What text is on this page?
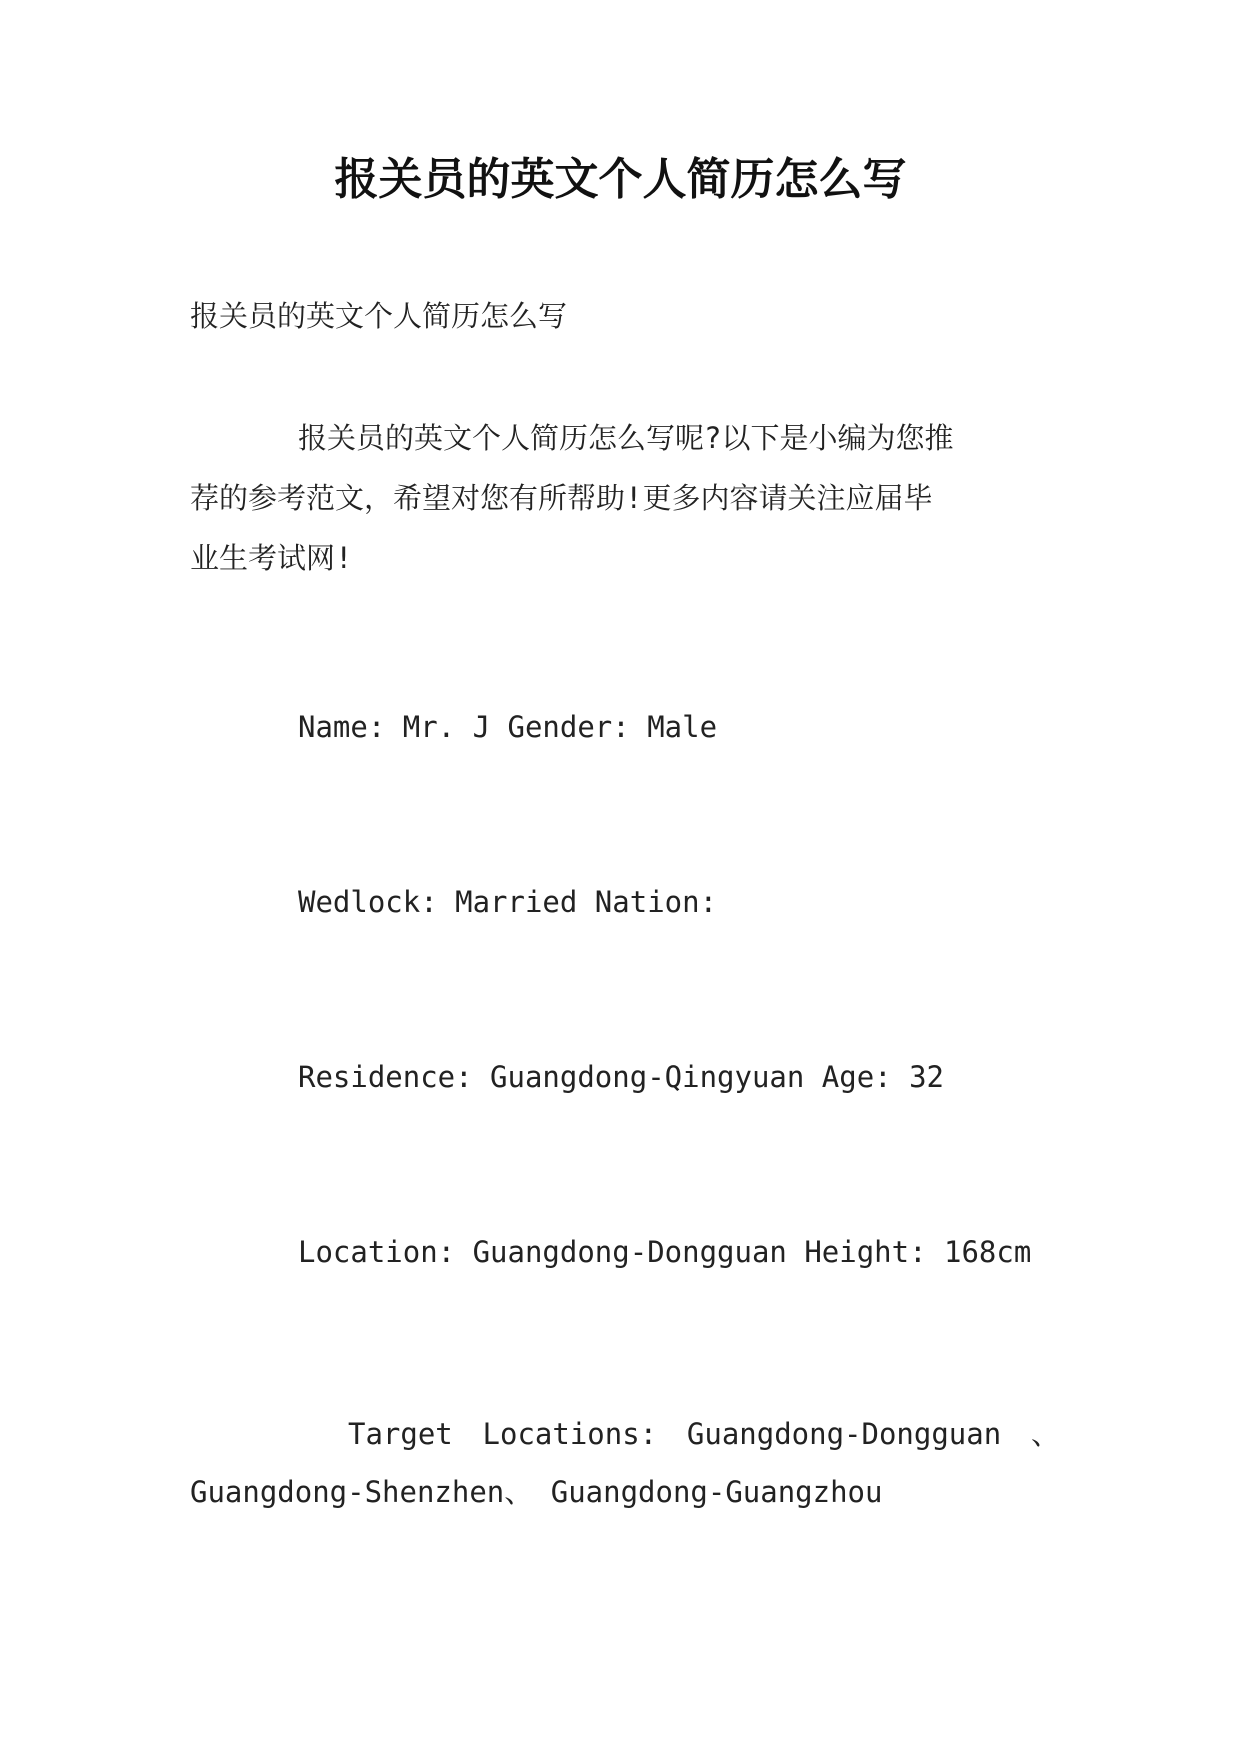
报关员的英文个人简历怎么写
报关员的英文个人简历怎么写
报关员的英文个人简历怎么写呢?以下是小编为您推
荐的参考范文，希望对您有所帮助!更多内容请关注应届毕
业生考试网!
Name: Mr. J Gender: Male
Wedlock: Married Nation:
Residence: Guangdong-Qingyuan Age: 32
Location: Guangdong-Dongguan Height: 168cm
Target Locations: Guangdong-Dongguan 、
Guangdong-Shenzhen、 Guangdong-Guangzhou
